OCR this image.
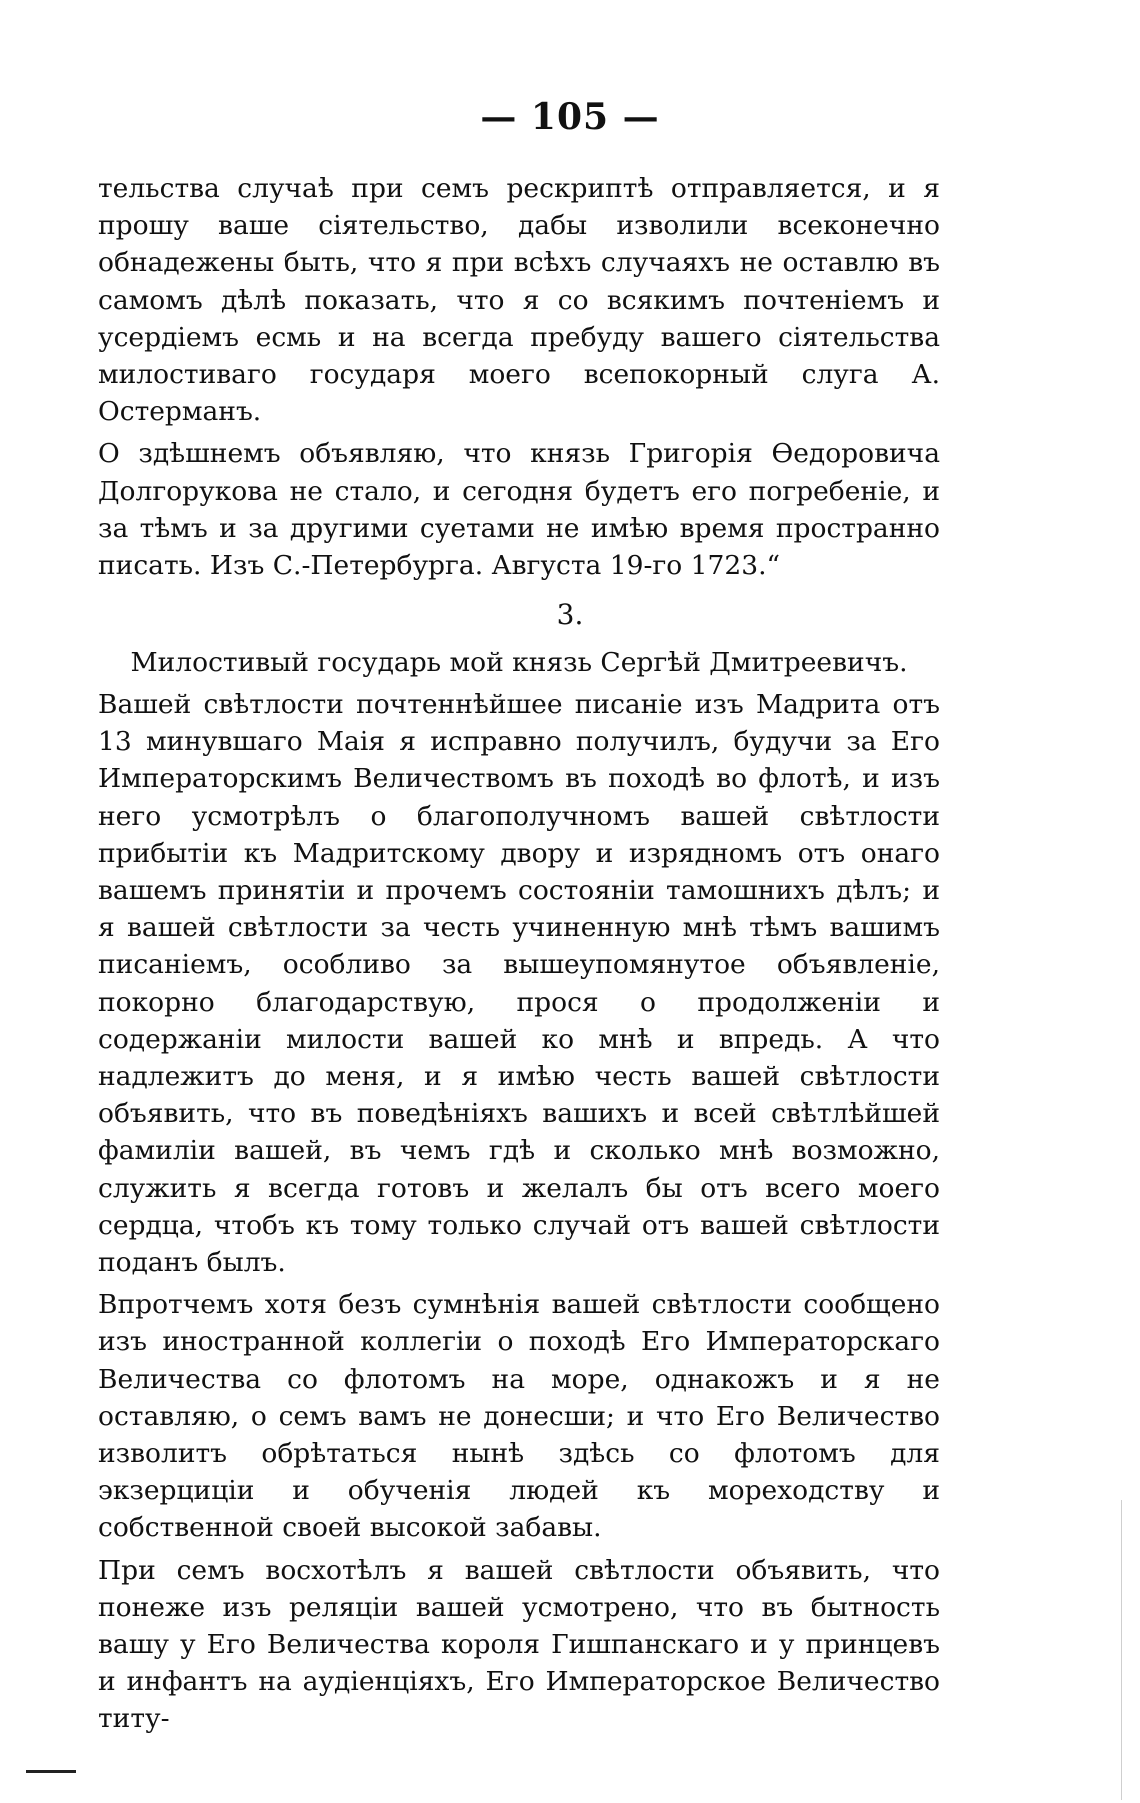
— 105 —

тельства случаѣ при семъ рескриптѣ отправляется, и я прошу ваше сіятельство, дабы изволили всеконечно обнадежены быть, что я при всѣхъ случаяхъ не оставлю въ самомъ дѣлѣ показать, что я со всякимъ почтеніемъ и усердіемъ есмь и на всегда пребуду вашего сіятельства милостиваго государя моего всепокорный слуга А. Остерманъ.

О здѣшнемъ объявляю, что князь Григорія Ѳедоровича Долгорукова не стало, и сегодня будетъ его погребеніе, и за тѣмъ и за другими суетами не имѣю время пространно писать. Изъ С.-Петербурга. Августа 19-го 1723.“

3.
Милостивый государь мой князь Сергѣй Дмитреевичъ.

Вашей свѣтлости почтеннѣйшее писаніе изъ Мадрита отъ 13 минувшаго Маія я исправно получилъ, будучи за Его Императорскимъ Величествомъ въ походѣ во флотѣ, и изъ него усмотрѣлъ о благополучномъ вашей свѣтлости прибытіи къ Мадритскому двору и изрядномъ отъ онаго вашемъ принятіи и прочемъ состояніи тамошнихъ дѣлъ; и я вашей свѣтлости за честь учиненную мнѣ тѣмъ вашимъ писаніемъ, особливо за вышеупомянутое объявленіе, покорно благодарствую, прося о продолженіи и содержаніи милости вашей ко мнѣ и впредь. А что надлежитъ до меня, и я имѣю честь вашей свѣтлости объявить, что въ поведѣніяхъ вашихъ и всей свѣтлѣйшей фамиліи вашей, въ чемъ гдѣ и сколько мнѣ возможно, служить я всегда готовъ и желалъ бы отъ всего моего сердца, чтобъ къ тому только случай отъ вашей свѣтлости поданъ былъ.

Впротчемъ хотя безъ сумнѣнія вашей свѣтлости сообщено изъ иностранной коллегіи о походѣ Его Императорскаго Величества со флотомъ на море, однакожъ и я не оставляю, о семъ вамъ не донесши; и что Его Величество изволитъ обрѣтаться нынѣ здѣсь со флотомъ для экзерциціи и обученія людей къ мореходству и собственной своей высокой забавы.

При семъ восхотѣлъ я вашей свѣтлости объявить, что понеже изъ реляціи вашей усмотрено, что въ бытность вашу у Его Величества короля Гишпанскаго и у принцевъ и инфантъ на аудіенціяхъ, Его Императорское Величество титу-
